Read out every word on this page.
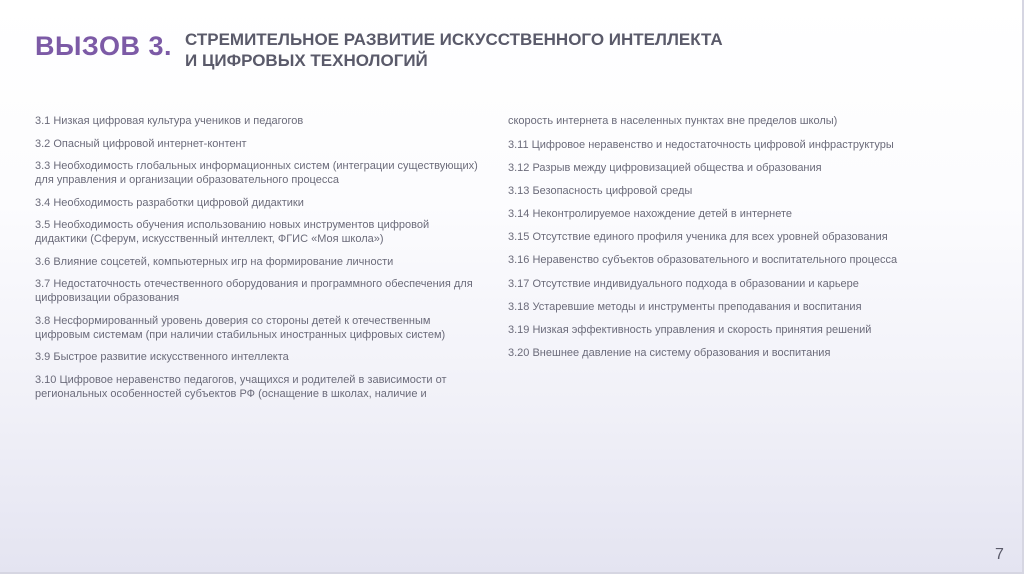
ВЫЗОВ 3. СТРЕМИТЕЛЬНОЕ РАЗВИТИЕ ИСКУССТВЕННОГО ИНТЕЛЛЕКТА
И ЦИФРОВЫХ ТЕХНОЛОГИЙ

3.1 Низкая цифровая культура учеников и педагогов

3.2 Опасный цифровой интернет-контент

3.3 Необходимость глобальных информационных систем (интеграции существующих) для управления и организации образовательного процесса

3.4 Необходимость разработки цифровой дидактики

3.5 Необходимость обучения использованию новых инструментов цифровой дидактики (Сферум, искусственный интеллект, ФГИС «Моя школа»)

3.6 Влияние соцсетей, компьютерных игр на формирование личности

3.7 Недостаточность отечественного оборудования и программного обеспечения для цифровизации образования

3.8 Несформированный уровень доверия со стороны детей к отечественным цифровым системам (при наличии стабильных иностранных цифровых систем)

3.9 Быстрое развитие искусственного интеллекта

3.10 Цифровое неравенство педагогов, учащихся и родителей в зависимости от региональных особенностей субъектов РФ (оснащение в школах, наличие и

скорость интернета в населенных пунктах вне пределов школы)

3.11 Цифровое неравенство и недостаточность цифровой инфраструктуры

3.12 Разрыв между цифровизацией общества и образования

3.13 Безопасность цифровой среды

3.14 Неконтролируемое нахождение детей в интернете

3.15 Отсутствие единого профиля ученика для всех уровней образования

3.16 Неравенство субъектов образовательного и воспитательного процесса

3.17 Отсутствие индивидуального подхода в образовании и карьере

3.18 Устаревшие методы и инструменты преподавания и воспитания

3.19 Низкая эффективность управления и скорость принятия решений

3.20 Внешнее давление на систему образования и воспитания

7
